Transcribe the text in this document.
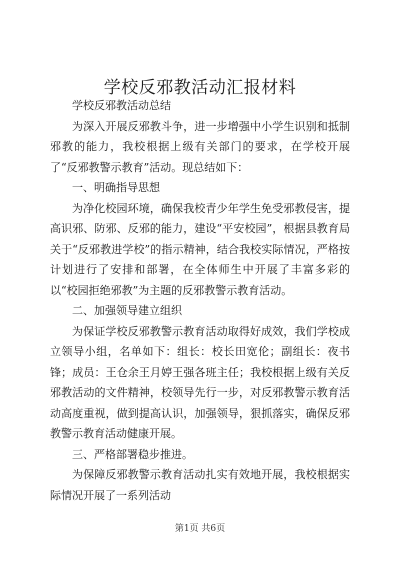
学校反邪教活动汇报材料

学校反邪教活动总结

为深入开展反邪教斗争，进一步增强中小学生识别和抵制邪教的能力，我校根据上级有关部门的要求，在学校开展了“反邪教警示教育”活动。现总结如下：

一、明确指导思想

为净化校园环境，确保我校青少年学生免受邪教侵害，提高识邪、防邪、反邪的能力，建设“平安校园”，根据县教育局关于“反邪教进学校”的指示精神，结合我校实际情况，严格按计划进行了安排和部署，在全体师生中开展了丰富多彩的以“校园拒绝邪教”为主题的反邪教警示教育活动。

二、加强领导建立组织

为保证学校反邪教警示教育活动取得好成效，我们学校成立领导小组，名单如下：组长：校长田宽伦；副组长：夜书锋；成员：王仓余王月婷王强各班主任；我校根据上级有关反邪教活动的文件精神，校领导先行一步，对反邪教警示教育活动高度重视，做到提高认识，加强领导，狠抓落实，确保反邪教警示教育活动健康开展。

三、严格部署稳步推进。

为保障反邪教警示教育活动扎实有效地开展，我校根据实际情况开展了一系列活动

第1页 共6页
